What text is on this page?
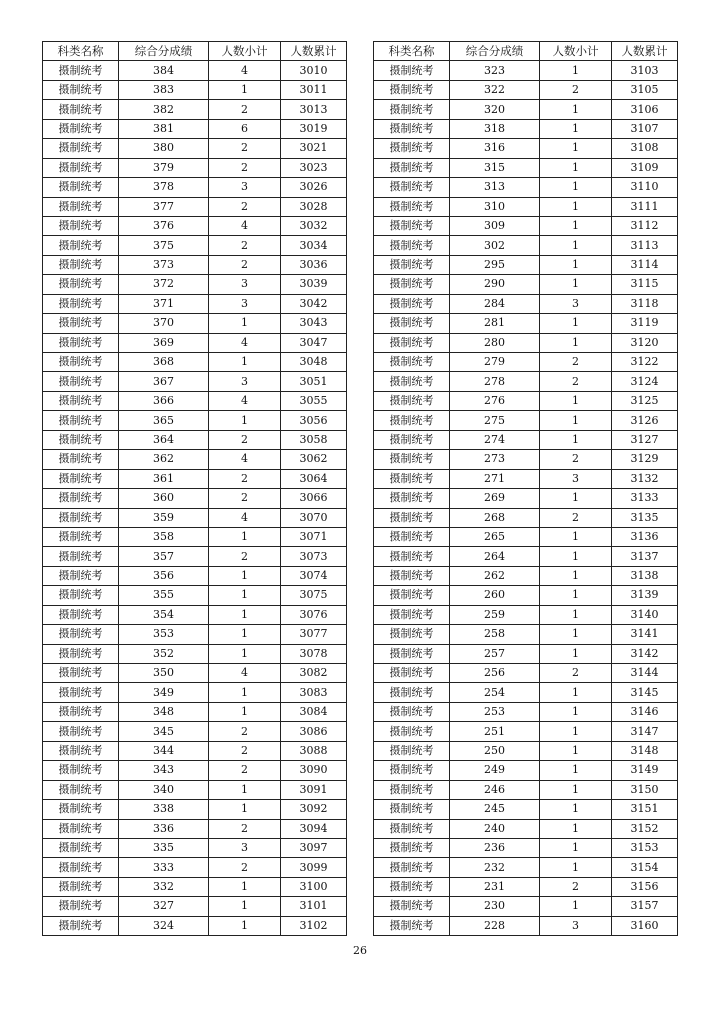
科类名称	综合分成绩	人数小计	人数累计
摄制统考	384	4	3010
摄制统考	383	1	3011
摄制统考	382	2	3013
摄制统考	381	6	3019
摄制统考	380	2	3021
摄制统考	379	2	3023
摄制统考	378	3	3026
摄制统考	377	2	3028
摄制统考	376	4	3032
摄制统考	375	2	3034
摄制统考	373	2	3036
摄制统考	372	3	3039
摄制统考	371	3	3042
摄制统考	370	1	3043
摄制统考	369	4	3047
摄制统考	368	1	3048
摄制统考	367	3	3051
摄制统考	366	4	3055
摄制统考	365	1	3056
摄制统考	364	2	3058
摄制统考	362	4	3062
摄制统考	361	2	3064
摄制统考	360	2	3066
摄制统考	359	4	3070
摄制统考	358	1	3071
摄制统考	357	2	3073
摄制统考	356	1	3074
摄制统考	355	1	3075
摄制统考	354	1	3076
摄制统考	353	1	3077
摄制统考	352	1	3078
摄制统考	350	4	3082
摄制统考	349	1	3083
摄制统考	348	1	3084
摄制统考	345	2	3086
摄制统考	344	2	3088
摄制统考	343	2	3090
摄制统考	340	1	3091
摄制统考	338	1	3092
摄制统考	336	2	3094
摄制统考	335	3	3097
摄制统考	333	2	3099
摄制统考	332	1	3100
摄制统考	327	1	3101
摄制统考	324	1	3102
科类名称	综合分成绩	人数小计	人数累计
摄制统考	323	1	3103
摄制统考	322	2	3105
摄制统考	320	1	3106
摄制统考	318	1	3107
摄制统考	316	1	3108
摄制统考	315	1	3109
摄制统考	313	1	3110
摄制统考	310	1	3111
摄制统考	309	1	3112
摄制统考	302	1	3113
摄制统考	295	1	3114
摄制统考	290	1	3115
摄制统考	284	3	3118
摄制统考	281	1	3119
摄制统考	280	1	3120
摄制统考	279	2	3122
摄制统考	278	2	3124
摄制统考	276	1	3125
摄制统考	275	1	3126
摄制统考	274	1	3127
摄制统考	273	2	3129
摄制统考	271	3	3132
摄制统考	269	1	3133
摄制统考	268	2	3135
摄制统考	265	1	3136
摄制统考	264	1	3137
摄制统考	262	1	3138
摄制统考	260	1	3139
摄制统考	259	1	3140
摄制统考	258	1	3141
摄制统考	257	1	3142
摄制统考	256	2	3144
摄制统考	254	1	3145
摄制统考	253	1	3146
摄制统考	251	1	3147
摄制统考	250	1	3148
摄制统考	249	1	3149
摄制统考	246	1	3150
摄制统考	245	1	3151
摄制统考	240	1	3152
摄制统考	236	1	3153
摄制统考	232	1	3154
摄制统考	231	2	3156
摄制统考	230	1	3157
摄制统考	228	3	3160
26
